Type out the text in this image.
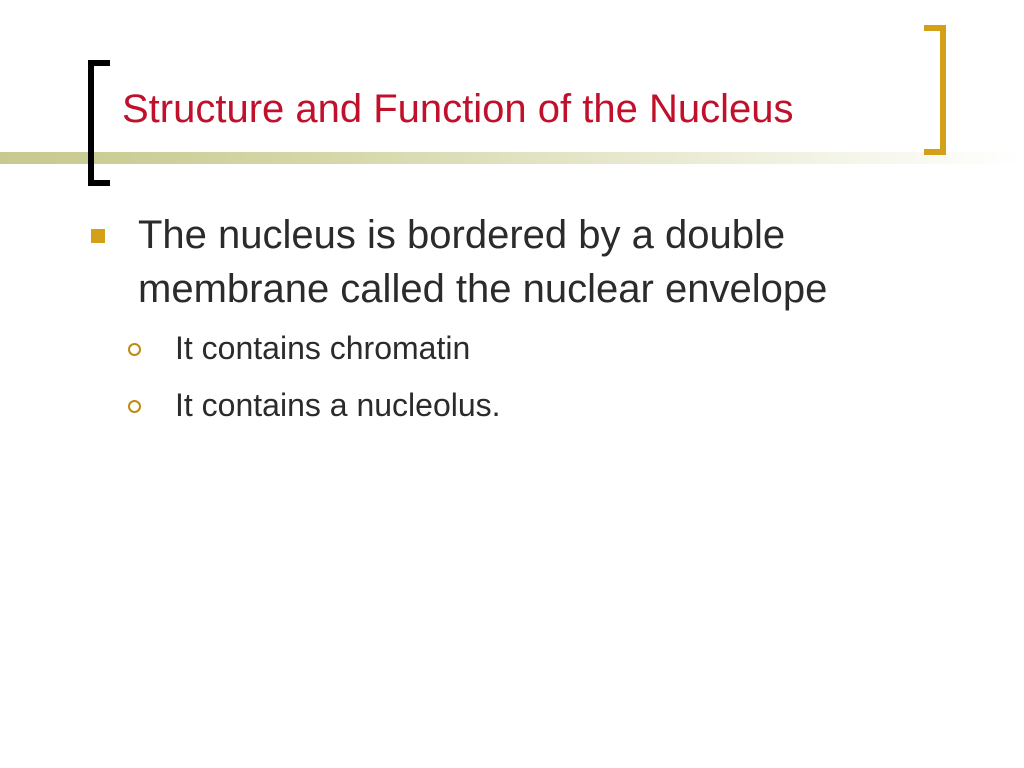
Structure and Function of the Nucleus
The nucleus is bordered by a double membrane called the nuclear envelope
It contains chromatin
It contains a nucleolus.
